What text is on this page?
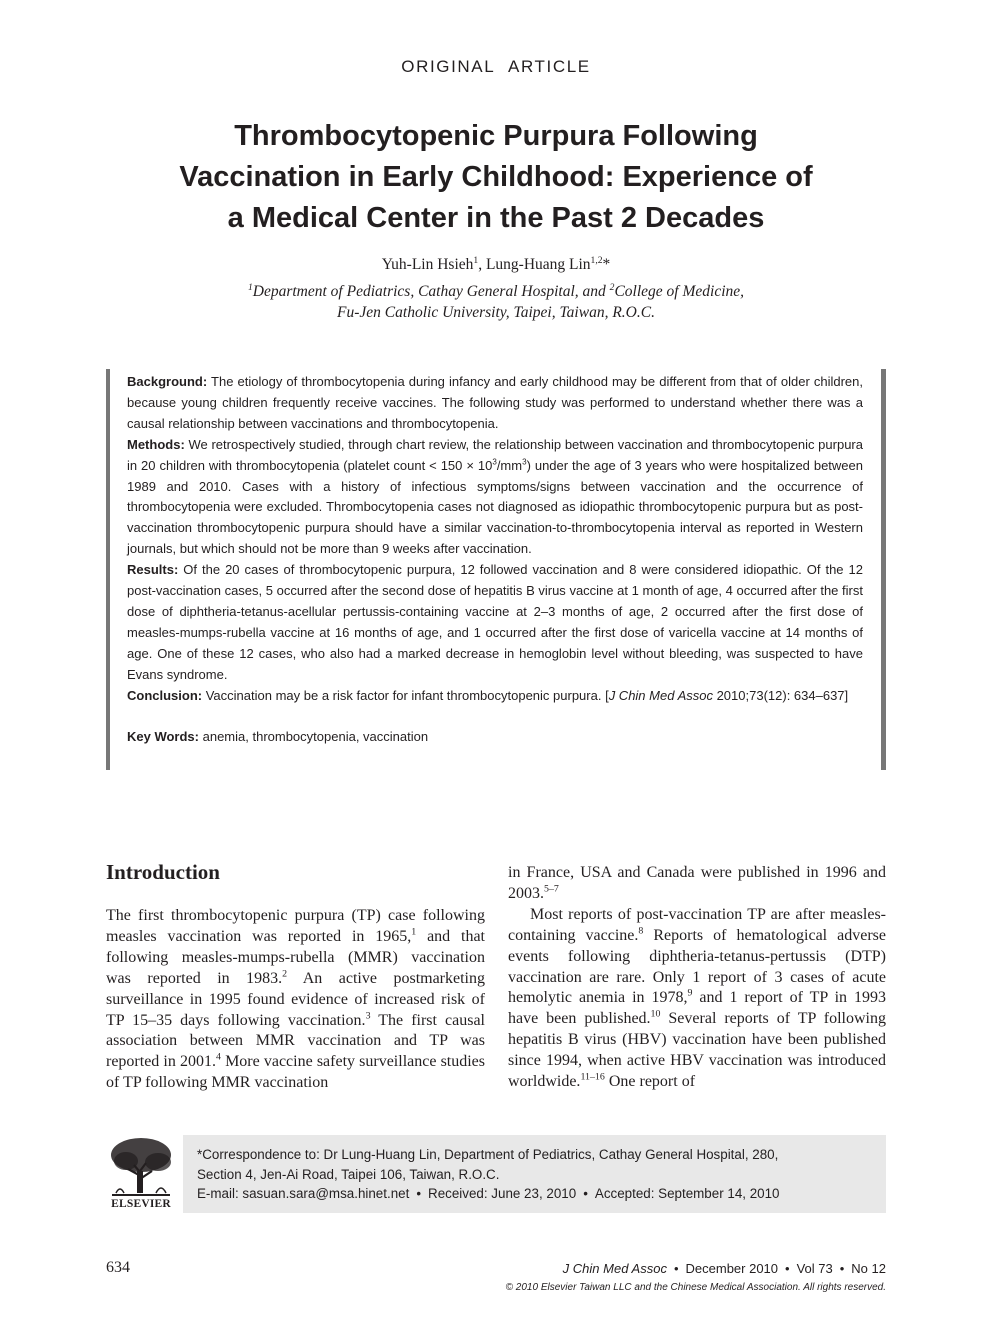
ORIGINAL ARTICLE
Thrombocytopenic Purpura Following
Vaccination in Early Childhood: Experience of
a Medical Center in the Past 2 Decades
Yuh-Lin Hsieh$^1$, Lung-Huang Lin$^{1,2}$*
$^1$Department of Pediatrics, Cathay General Hospital, and $^2$College of Medicine,
Fu-Jen Catholic University, Taipei, Taiwan, R.O.C.

Background: The etiology of thrombocytopenia during infancy and early childhood may be different from that of older children, because young children frequently receive vaccines. The following study was performed to understand whether there was a causal relationship between vaccinations and thrombocytopenia.

Methods: We retrospectively studied, through chart review, the relationship between vaccination and thrombocytopenic purpura in 20 children with thrombocytopenia (platelet count < $150 \times 10^3/mm^3$) under the age of 3 years who were hospitalized between 1989 and 2010. Cases with a history of infectious symptoms/signs between vaccination and the occurrence of thrombocytopenia were excluded. Thrombocytopenia cases not diagnosed as idiopathic thrombocytopenic purpura but as post-vaccination thrombocytopenic purpura should have a similar vaccination-to-thrombocytopenia interval as reported in Western journals, but which should not be more than 9 weeks after vaccination.

Results: Of the 20 cases of thrombocytopenic purpura, 12 followed vaccination and 8 were considered idiopathic. Of the 12 post-vaccination cases, 5 occurred after the second dose of hepatitis B virus vaccine at 1 month of age, 4 occurred after the first dose of diphtheria-tetanus-acellular pertussis-containing vaccine at 2–3 months of age, 2 occurred after the first dose of measles-mumps-rubella vaccine at 16 months of age, and 1 occurred after the first dose of varicella vaccine at 14 months of age. One of these 12 cases, who also had a marked decrease in hemoglobin level without bleeding, was suspected to have Evans syndrome.

Conclusion: Vaccination may be a risk factor for infant thrombocytopenic purpura. [J Chin Med Assoc 2010;73(12): 634–637]

Key Words: anemia, thrombocytopenia, vaccination

Introduction

The first thrombocytopenic purpura (TP) case following measles vaccination was reported in 1965,$^1$ and that following measles-mumps-rubella (MMR) vaccination was reported in 1983.$^2$ An active postmarketing surveillance in 1995 found evidence of increased risk of TP 15–35 days following vaccination.$^3$ The first causal association between MMR vaccination and TP was reported in 2001.$^4$ More vaccine safety surveillance studies of TP following MMR vaccination

in France, USA and Canada were published in 1996 and 2003.$^{5-7}$

Most reports of post-vaccination TP are after measles-containing vaccine.$^8$ Reports of hematological adverse events following diphtheria-tetanus-pertussis (DTP) vaccination are rare. Only 1 report of 3 cases of acute hemolytic anemia in 1978,$^9$ and 1 report of TP in 1993 have been published.$^{10}$ Several reports of TP following hepatitis B virus (HBV) vaccination have been published since 1994, when active HBV vaccination was introduced worldwide.$^{11-16}$ One report of

ELSEVIER
*Correspondence to: Dr Lung-Huang Lin, Department of Pediatrics, Cathay General Hospital, 280,
Section 4, Jen-Ai Road, Taipei 106, Taiwan, R.O.C.
E-mail: sasuan.sara@msa.hinet.net • Received: June 23, 2010 • Accepted: September 14, 2010
634	J Chin Med Assoc • December 2010 • Vol 73 • No 12
© 2010 Elsevier Taiwan LLC and the Chinese Medical Association. All rights reserved.
